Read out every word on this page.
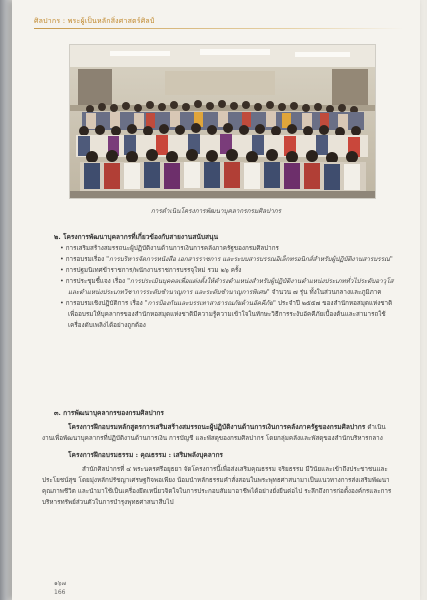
ศิลปากร : พระผู้เป็นหลักสิ่งศาสตร์ศิลป์
การดำเนินโครงการพัฒนาบุคลากรกรมศิลปากร
๒. โครงการพัฒนาบุคลากรที่เกี่ยวข้องกับสายงานสนับสนุน
• การเสริมสร้างสมรรถนะผู้ปฏิบัติงานด้านการเงินการคลังภาครัฐของกรมศิลปากร
• การอบรมเรื่อง "การบริหารจัดการหนังสือ เอกสารราชการ และระบบสารบรรณอิเล็กทรอนิกส์สำหรับผู้ปฏิบัติงานสารบรรณ"
• การปฐมนิเทศข้าราชการ/พนักงานราชการบรรจุใหม่ รวม ๒๖ ครั้ง
• การประชุมชี้แจง เรื่อง "การประเมินบุคคลเพื่อแต่งตั้งให้ดำรงตำแหน่งสำหรับผู้ปฏิบัติงานตำแหน่งประเภททั่วไประดับอาวุโส และตำแหน่งประเภทวิชาการระดับชำนาญการ และระดับชำนาญการพิเศษ" จำนวน ๗ รุ่น ทั้งในส่วนกลางและภูมิภาค
• การอบรมเชิงปฏิบัติการ เรื่อง "การป้องกันและบรรเทาสาธารณภัยด้านอัคคีภัย" ประจำปี ๒๕๕๗ ของสำนักหอสมุดแห่งชาติ เพื่ออบรมให้บุคลากรของสำนักหอสมุดแห่งชาติมีความรู้ความเข้าใจในทักษะวิธีการระงับอัคคีภัยเบื้องต้นและสามารถใช้เครื่องดับเพลิงได้อย่างถูกต้อง
๓. การพัฒนาบุคลากรของกรมศิลปากร
โครงการฝึกอบรมหลักสูตรการเสริมสร้างสมรรถนะผู้ปฏิบัติงานด้านการเงินการคลังภาครัฐของกรมศิลปากร ดำเนินงานเพื่อพัฒนาบุคลากรที่ปฏิบัติงานด้านการเงิน การบัญชี และพัสดุของกรมศิลปากร โดยกลุ่มคลังและพัสดุของสำนักบริหารกลาง
โครงการฝึกอบรมธรรม : คุณธรรม : เสริมพลังบุคลากร
สำนักศิลปากรที่ ๔ พระนครศรีอยุธยา จัดโครงการนี้เพื่อส่งเสริมคุณธรรม จริยธรรม มีวินัยและเข้าถึงประชาชนและประโยชน์สุข โดยมุ่งหลักปรัชญาเศรษฐกิจพอเพียง น้อมนำหลักธรรมคำสั่งสอนในพระพุทธศาสนามาเป็นแนวทางการส่งเสริมพัฒนาคุณภาพชีวิต และนำมาใช้เป็นเครื่องยึดเหนี่ยวจิตใจในการประกอบสัมมาอาชีพได้อย่างยั่งยืนต่อไป ระลึกถึงการก่อตั้งองค์กรและการบริหารทรัพย์ส่วนตัวในการบำรุงพุทธศาสนาสืบไป
๑๖๗
166
